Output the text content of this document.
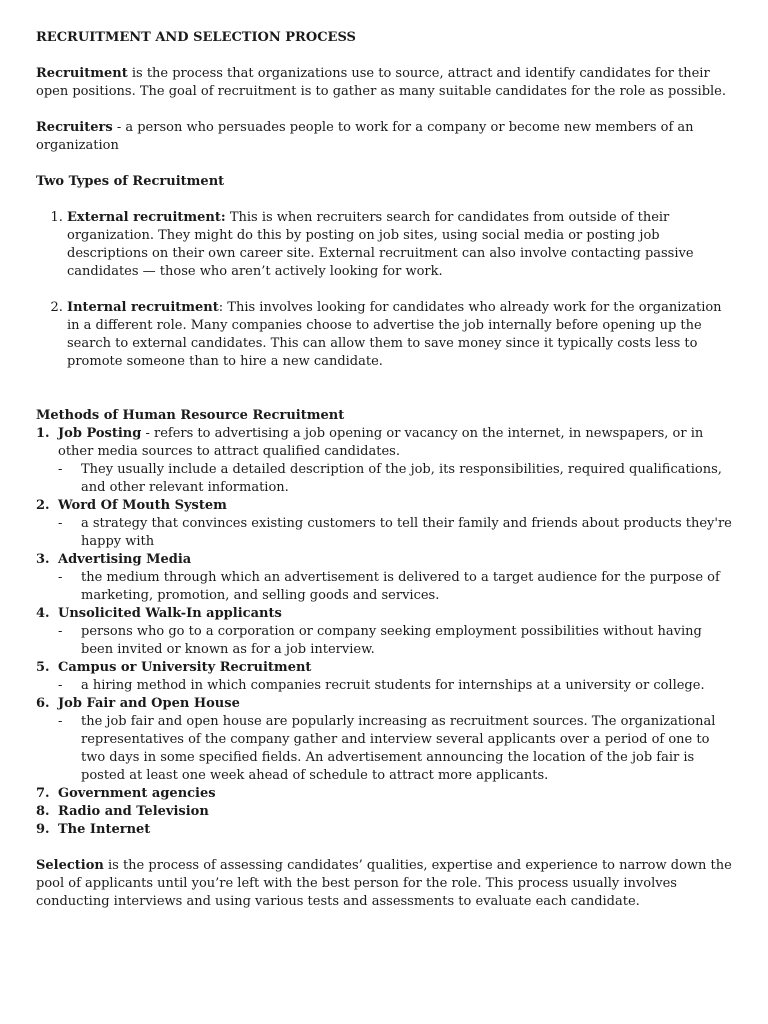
RECRUITMENT AND SELECTION PROCESS

Recruitment is the process that organizations use to source, attract and identify candidates for their open positions. The goal of recruitment is to gather as many suitable candidates for the role as possible.

Recruiters - a person who persuades people to work for a company or become new members of an organization

Two Types of Recruitment
1. External recruitment: This is when recruiters search for candidates from outside of their organization. They might do this by posting on job sites, using social media or posting job descriptions on their own career site. External recruitment can also involve contacting passive candidates — those who aren’t actively looking for work.
2. Internal recruitment: This involves looking for candidates who already work for the organization in a different role. Many companies choose to advertise the job internally before opening up the search to external candidates. This can allow them to save money since it typically costs less to promote someone than to hire a new candidate.
Methods of Human Resource Recruitment
1. Job Posting - refers to advertising a job opening or vacancy on the internet, in newspapers, or in other media sources to attract qualified candidates.
- They usually include a detailed description of the job, its responsibilities, required qualifications, and other relevant information.
2. Word Of Mouth System
- a strategy that convinces existing customers to tell their family and friends about products they're happy with
3. Advertising Media
- the medium through which an advertisement is delivered to a target audience for the purpose of marketing, promotion, and selling goods and services.
4. Unsolicited Walk-In applicants
- persons who go to a corporation or company seeking employment possibilities without having been invited or known as for a job interview.
5. Campus or University Recruitment
- a hiring method in which companies recruit students for internships at a university or college.
6. Job Fair and Open House
- the job fair and open house are popularly increasing as recruitment sources. The organizational representatives of the company gather and interview several applicants over a period of one to two days in some specified fields. An advertisement announcing the location of the job fair is posted at least one week ahead of schedule to attract more applicants.
7. Government agencies
8. Radio and Television
9. The Internet

Selection is the process of assessing candidates’ qualities, expertise and experience to narrow down the pool of applicants until you’re left with the best person for the role. This process usually involves conducting interviews and using various tests and assessments to evaluate each candidate.
